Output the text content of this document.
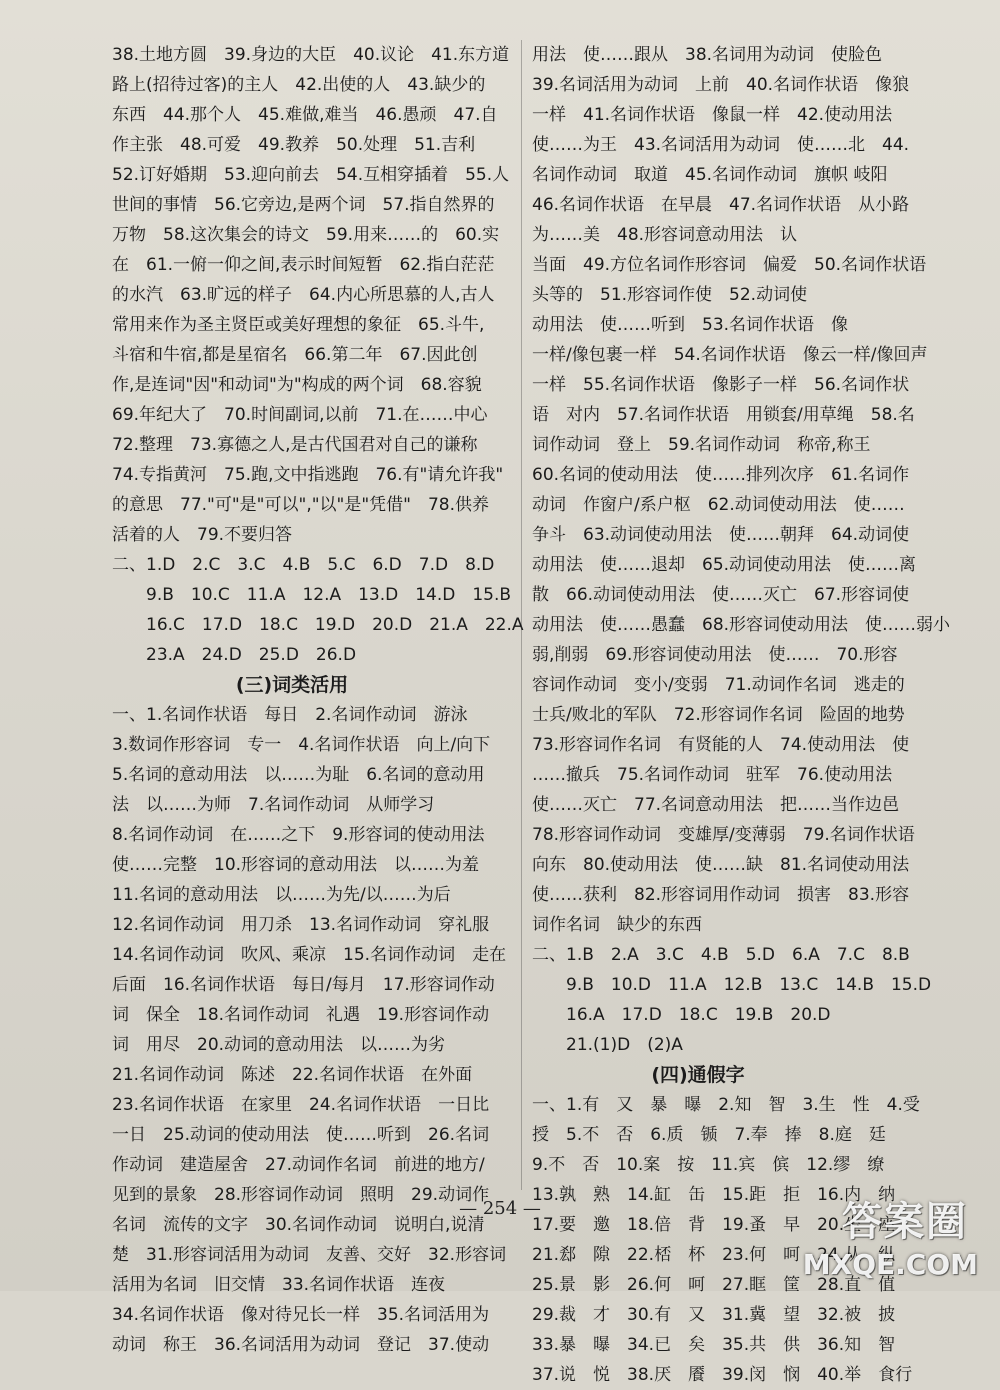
38.土地方圆　39.身边的大臣　40.议论　41.东方道
路上(招待过客)的主人　42.出使的人　43.缺少的
东西　44.那个人　45.难做,难当　46.愚顽　47.自
作主张　48.可爱　49.教养　50.处理　51.吉利
52.订好婚期　53.迎向前去　54.互相穿插着　55.人
世间的事情　56.它旁边,是两个词　57.指自然界的
万物　58.这次集会的诗文　59.用来……的　60.实
在　61.一俯一仰之间,表示时间短暂　62.指白茫茫
的水汽　63.旷远的样子　64.内心所思慕的人,古人
常用来作为圣主贤臣或美好理想的象征　65.斗牛,
斗宿和牛宿,都是星宿名　66.第二年　67.因此创
作,是连词"因"和动词"为"构成的两个词　68.容貌
69.年纪大了　70.时间副词,以前　71.在……中心
72.整理　73.寡德之人,是古代国君对自己的谦称
74.专指黄河　75.跑,文中指逃跑　76.有"请允许我"
的意思　77."可"是"可以","以"是"凭借"　78.供养
活着的人　79.不要归答
二、1.D　2.C　3.C　4.B　5.C　6.D　7.D　8.D
　　9.B　10.C　11.A　12.A　13.D　14.D　15.B
　　16.C　17.D　18.C　19.D　20.D　21.A　22.A
　　23.A　24.D　25.D　26.D
(三)词类活用
一、1.名词作状语　每日　2.名词作动词　游泳
3.数词作形容词　专一　4.名词作状语　向上/向下
5.名词的意动用法　以……为耻　6.名词的意动用
法　以……为师　7.名词作动词　从师学习
8.名词作动词　在……之下　9.形容词的使动用法
使……完整　10.形容词的意动用法　以……为羞
11.名词的意动用法　以……为先/以……为后
12.名词作动词　用刀杀　13.名词作动词　穿礼服
14.名词作动词　吹风、乘凉　15.名词作动词　走在
后面　16.名词作状语　每日/每月　17.形容词作动
词　保全　18.名词作动词　礼遇　19.形容词作动
词　用尽　20.动词的意动用法　以……为劣
21.名词作动词　陈述　22.名词作状语　在外面
23.名词作状语　在家里　24.名词作状语　一日比
一日　25.动词的使动用法　使……听到　26.名词
作动词　建造屋舍　27.动词作名词　前进的地方/
见到的景象　28.形容词作动词　照明　29.动词作
名词　流传的文字　30.名词作动词　说明白,说清
楚　31.形容词活用为动词　友善、交好　32.形容词
活用为名词　旧交情　33.名词作状语　连夜
34.名词作状语　像对待兄长一样　35.名词活用为
动词　称王　36.名词活用为动词　登记　37.使动
用法　使……跟从　38.名词用为动词　使脸色
39.名词活用为动词　上前　40.名词作状语　像狼
一样　41.名词作状语　像鼠一样　42.使动用法
使……为王　43.名词活用为动词　使……北　44.
名词作动词　取道　45.名词作动词　旗帜 岐阳
46.名词作状语　在早晨　47.名词作状语　从小路
为……美　48.形容词意动用法　认
当面　49.方位名词作形容词　偏爱　50.名词作状语
头等的　51.形容词作使　52.动词使
动用法　使……听到　53.名词作状语　像
一样/像包裹一样　54.名词作状语　像云一样/像回声
一样　55.名词作状语　像影子一样　56.名词作状
语　对内　57.名词作状语　用锁套/用草绳　58.名
词作动词　登上　59.名词作动词　称帝,称王
60.名词的使动用法　使……排列次序　61.名词作
动词　作窗户/系户枢　62.动词使动用法　使……
争斗　63.动词使动用法　使……朝拜　64.动词使
动用法　使……退却　65.动词使动用法　使……离
散　66.动词使动用法　使……灭亡　67.形容词使
动用法　使……愚蠢　68.形容词使动用法　使……弱小
弱,削弱　69.形容词使动用法　使……　70.形容
容词作动词　变小/变弱　71.动词作名词　逃走的
士兵/败北的军队　72.形容词作名词　险固的地势
73.形容词作名词　有贤能的人　74.使动用法　使
……撤兵　75.名词作动词　驻军　76.使动用法
使……灭亡　77.名词意动用法　把……当作边邑
78.形容词作动词　变雄厚/变薄弱　79.名词作状语
向东　80.使动用法　使……缺　81.名词使动用法
使……获利　82.形容词用作动词　损害　83.形容
词作名词　缺少的东西
二、1.B　2.A　3.C　4.B　5.D　6.A　7.C　8.B
　　9.B　10.D　11.A　12.B　13.C　14.B　15.D
　　16.A　17.D　18.C　19.B　20.D
　　21.(1)D　(2)A
(四)通假字
一、1.有　又　暴　曝　2.知　智　3.生　性　4.受
授　5.不　否　6.质　锧　7.奉　捧　8.庭　廷
9.不　否　10.案　按　11.宾　傧　12.缪　缭
13.孰　熟　14.缸　缶　15.距　拒　16.内　纳
17.要　邀　18.倍　背　19.蚤　早　20.坐　座
21.郄　隙　22.桮　杯　23.何　呵　24.从　纵
25.景　影　26.何　呵　27.眶　筐　28.直　值
29.裁　才　30.有　又　31.冀　望　32.被　披
33.暴　曝　34.已　矣　35.共　供　36.知　智
37.说　悦　38.厌　餍　39.闵　悯　40.举　食行
— 254 —	答案圈
MXQE.COM
